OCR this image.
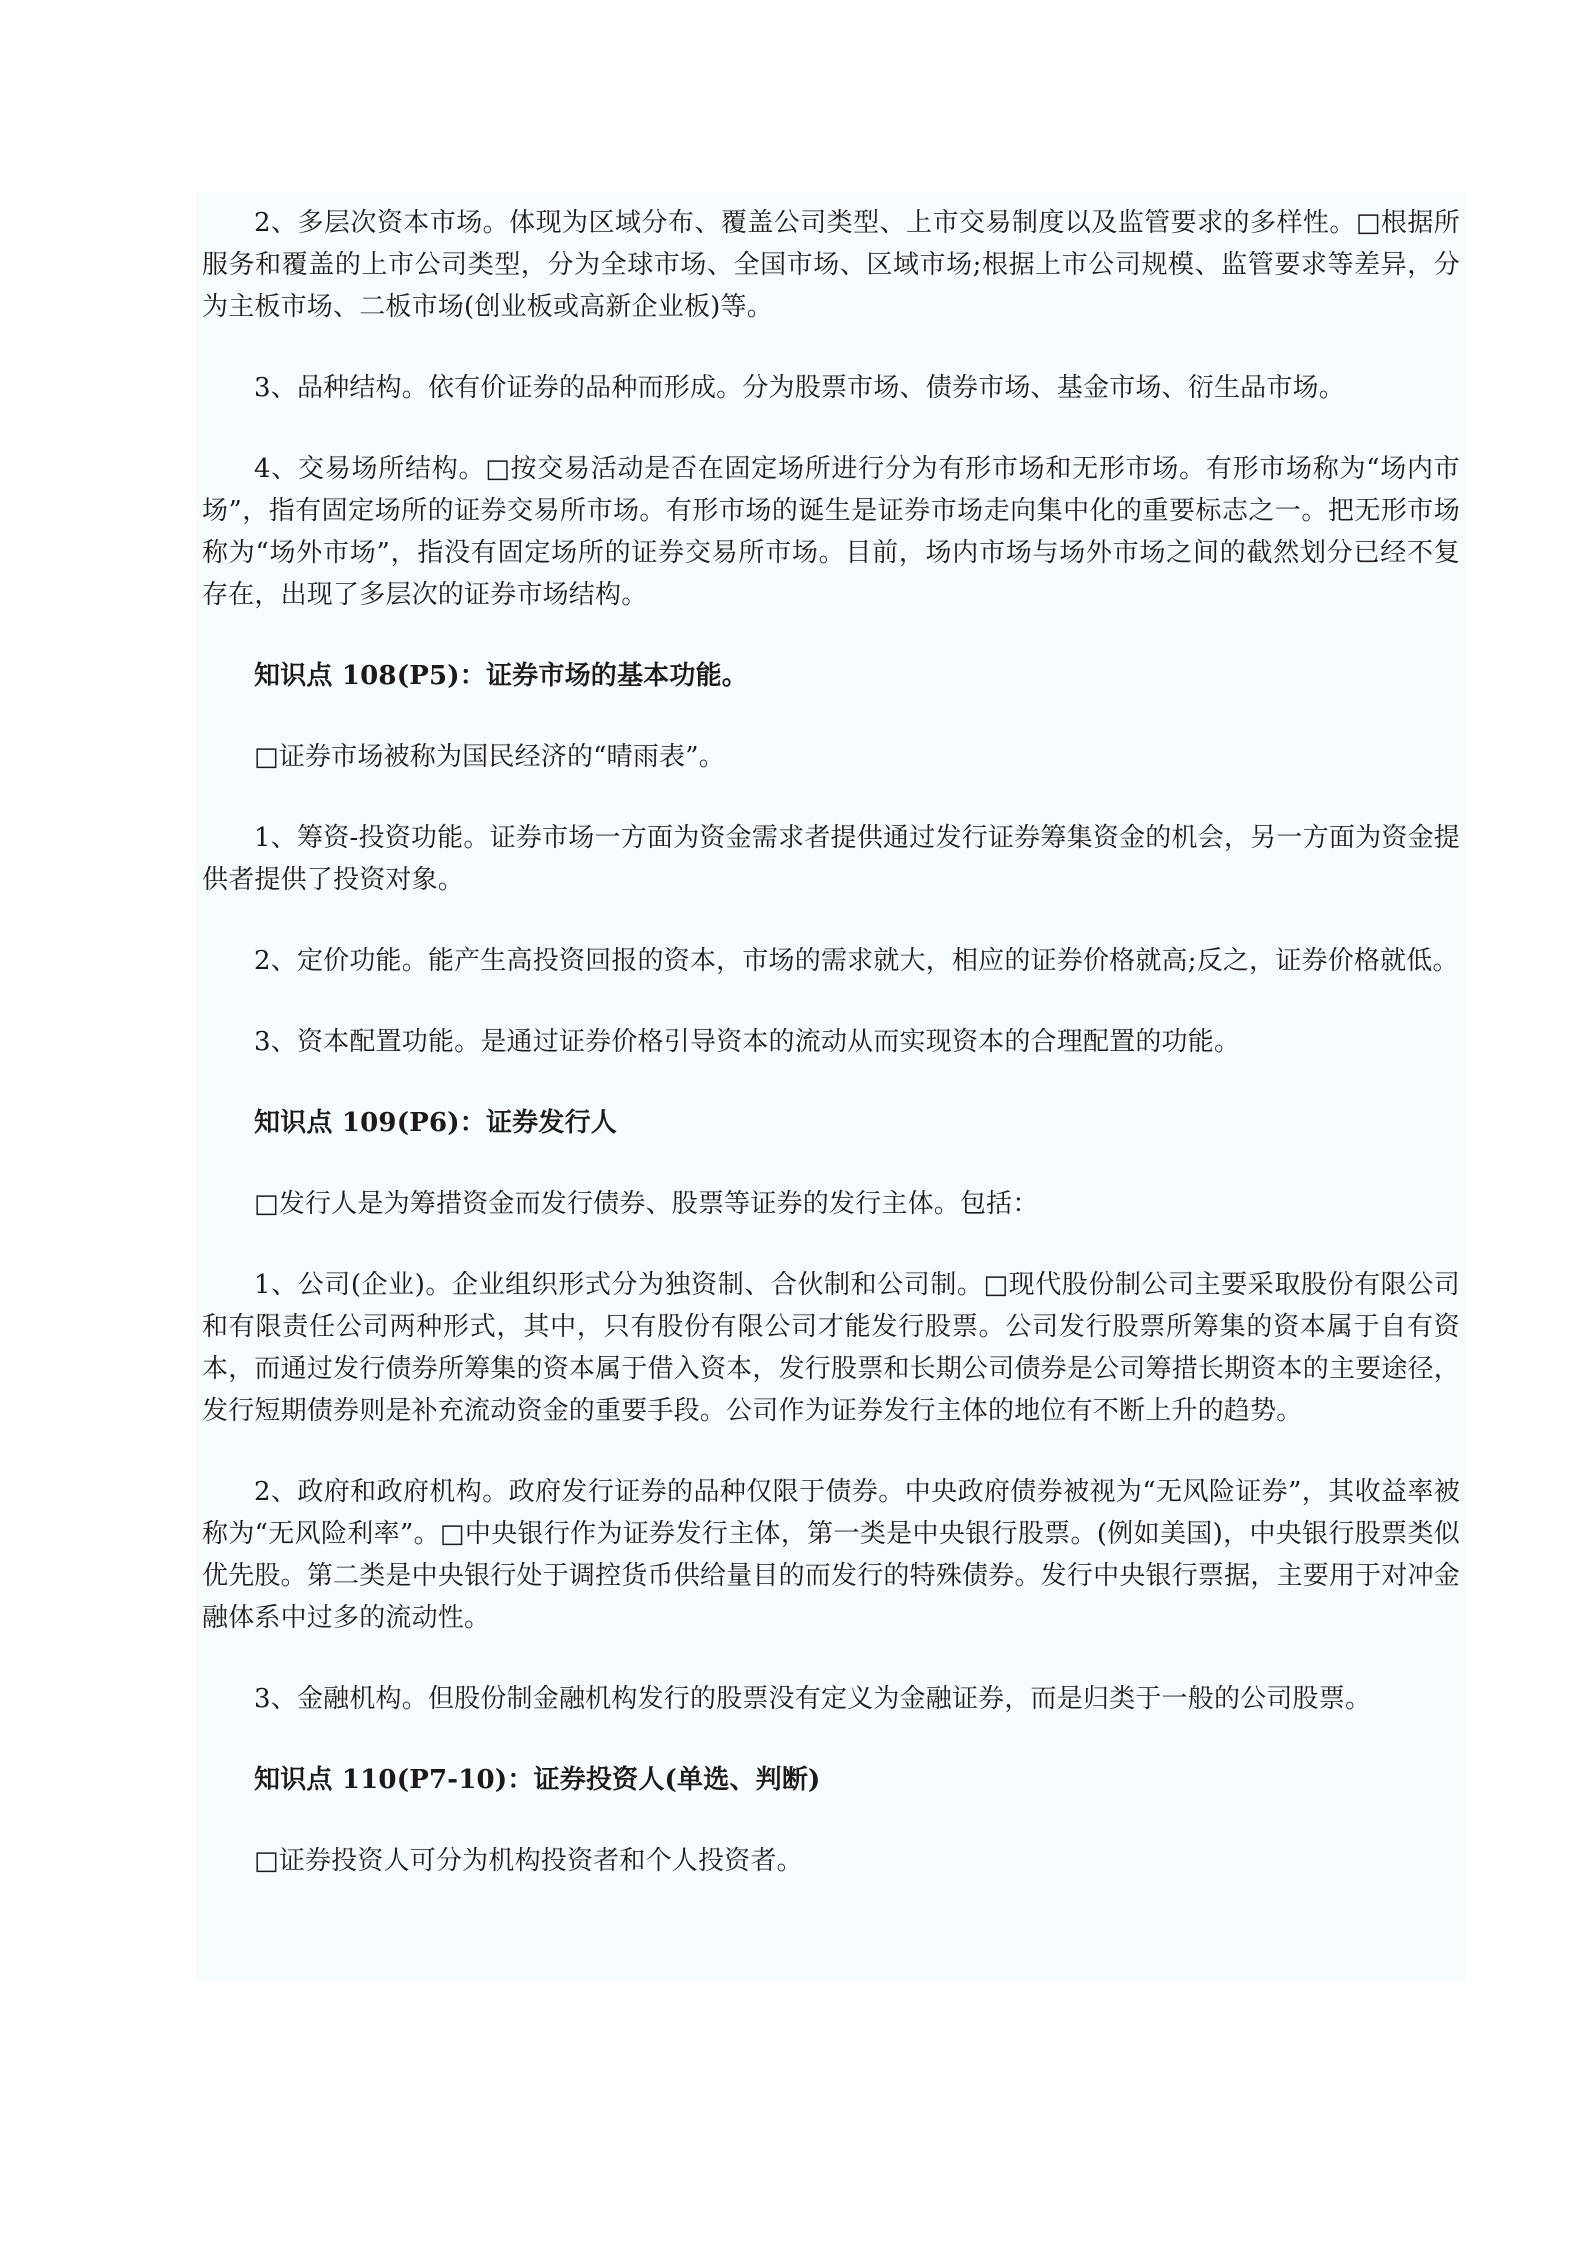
2、多层次资本市场。体现为区域分布、覆盖公司类型、上市交易制度以及监管要求的多样性。□根据所服务和覆盖的上市公司类型，分为全球市场、全国市场、区域市场;根据上市公司规模、监管要求等差异，分为主板市场、二板市场(创业板或高新企业板)等。

3、品种结构。依有价证券的品种而形成。分为股票市场、债券市场、基金市场、衍生品市场。

4、交易场所结构。□按交易活动是否在固定场所进行分为有形市场和无形市场。有形市场称为“场内市场”，指有固定场所的证券交易所市场。有形市场的诞生是证券市场走向集中化的重要标志之一。把无形市场称为“场外市场”，指没有固定场所的证券交易所市场。目前，场内市场与场外市场之间的截然划分已经不复存在，出现了多层次的证券市场结构。

知识点 108(P5)：证券市场的基本功能。

□证券市场被称为国民经济的“晴雨表”。

1、筹资-投资功能。证券市场一方面为资金需求者提供通过发行证券筹集资金的机会，另一方面为资金提供者提供了投资对象。

2、定价功能。能产生高投资回报的资本，市场的需求就大，相应的证券价格就高;反之，证券价格就低。

3、资本配置功能。是通过证券价格引导资本的流动从而实现资本的合理配置的功能。

知识点 109(P6)：证券发行人

□发行人是为筹措资金而发行债券、股票等证券的发行主体。包括：

1、公司(企业)。企业组织形式分为独资制、合伙制和公司制。□现代股份制公司主要采取股份有限公司和有限责任公司两种形式，其中，只有股份有限公司才能发行股票。公司发行股票所筹集的资本属于自有资本，而通过发行债券所筹集的资本属于借入资本，发行股票和长期公司债券是公司筹措长期资本的主要途径，发行短期债券则是补充流动资金的重要手段。公司作为证券发行主体的地位有不断上升的趋势。

2、政府和政府机构。政府发行证券的品种仅限于债券。中央政府债券被视为“无风险证券”，其收益率被称为“无风险利率”。□中央银行作为证券发行主体，第一类是中央银行股票。(例如美国)，中央银行股票类似优先股。第二类是中央银行处于调控货币供给量目的而发行的特殊债券。发行中央银行票据，主要用于对冲金融体系中过多的流动性。

3、金融机构。但股份制金融机构发行的股票没有定义为金融证券，而是归类于一般的公司股票。

知识点 110(P7-10)：证券投资人(单选、判断)

□证券投资人可分为机构投资者和个人投资者。
